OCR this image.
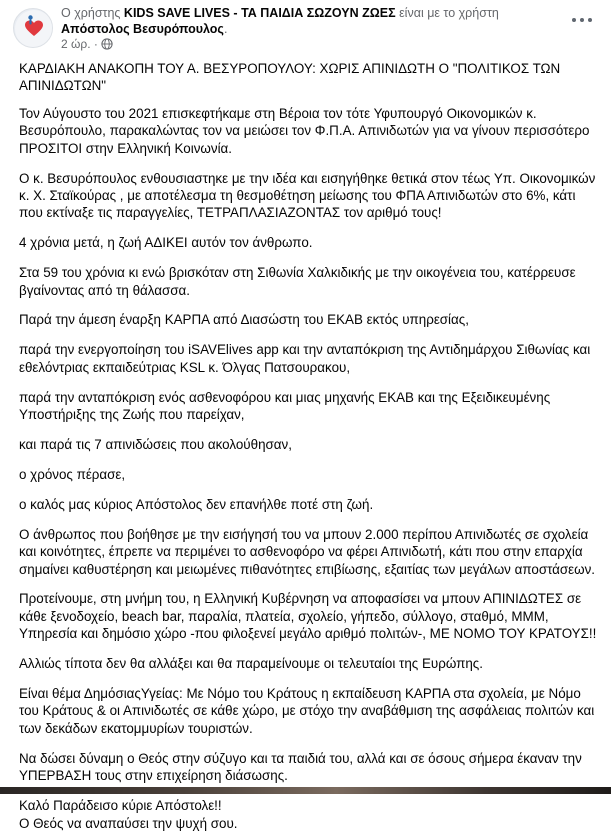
Ο χρήστης KIDS SAVE LIVES - ΤΑ ΠΑΙΔΙΑ ΣΩΖΟΥΝ ΖΩΕΣ είναι με το χρήστη Απόστολος Βεσυρόπουλος.
2 ώρ. ·

ΚΑΡΔΙΑΚΗ ΑΝΑΚΟΠΗ ΤΟΥ Α. ΒΕΣΥΡΟΠΟΥΛΟΥ: ΧΩΡΙΣ ΑΠΙΝΙΔΩΤΗ Ο "ΠΟΛΙΤΙΚΟΣ ΤΩΝ ΑΠΙΝΙΔΩΤΩΝ"

Τον Αύγουστο του 2021 επισκεφτήκαμε στη Βέροια τον τότε Υφυπουργό Οικονομικών κ. Βεσυρόπουλο, παρακαλώντας τον να μειώσει τον Φ.Π.Α. Απινιδωτών για να γίνουν περισσότερο ΠΡΟΣΙΤΟΙ στην Ελληνική Κοινωνία.

Ο κ. Βεσυρόπουλος ενθουσιαστηκε με την ιδέα και εισηγήθηκε θετικά στον τέως Υπ. Οικονομικών κ. Χ. Σταϊκούρας , με αποτέλεσμα τη θεσμοθέτηση μείωσης του ΦΠΑ Απινιδωτών στο 6%, κάτι που εκτίναξε τις παραγγελίες, ΤΕΤΡΑΠΛΑΣΙΑΖΟΝΤΑΣ τον αριθμό τους!

4 χρόνια μετά, η ζωή ΑΔΙΚΕΙ αυτόν τον άνθρωπο.

Στα 59 του χρόνια κι ενώ βρισκόταν στη Σιθωνία Χαλκιδικής με την οικογένεια του, κατέρρευσε βγαίνοντας από τη θάλασσα.

Παρά την άμεση έναρξη ΚΑΡΠΑ από Διασώστη του ΕΚΑΒ εκτός υπηρεσίας,

παρά την ενεργοποίηση του iSAVElives app και την ανταπόκριση της Αντιδημάρχου Σιθωνίας και εθελόντριας εκπαιδεύτριας KSL κ. Όλγας Πατσουρακου,

παρά την ανταπόκριση ενός ασθενοφόρου και μιας μηχανής ΕΚΑΒ και της Εξειδικευμένης Υποστήριξης της Ζωής που παρείχαν,

και παρά τις 7 απινιδώσεις που ακολούθησαν,

ο χρόνος πέρασε,

ο καλός μας κύριος Απόστολος δεν επανήλθε ποτέ στη ζωή.

Ο άνθρωπος που βοήθησε με την εισήγησή του να μπουν 2.000 περίπου Απινιδωτές σε σχολεία και κοινότητες, έπρεπε να περιμένει το ασθενοφόρο να φέρει Απινιδωτή, κάτι που στην επαρχία σημαίνει καθυστέρηση και μειωμένες πιθανότητες επιβίωσης, εξαιτίας των μεγάλων αποστάσεων.

Προτείνουμε, στη μνήμη του, η Ελληνική Κυβέρνηση να αποφασίσει να μπουν ΑΠΙΝΙΔΩΤΕΣ σε κάθε ξενοδοχείο, beach bar, παραλία, πλατεία, σχολείο, γήπεδο, σύλλογο, σταθμό, ΜΜΜ, Υπηρεσία και δημόσιο χώρο -που φιλοξενεί μεγάλο αριθμό πολιτών-, ΜΕ ΝΟΜΟ ΤΟΥ ΚΡΑΤΟΥΣ!!

Αλλιώς τίποτα δεν θα αλλάξει και θα παραμείνουμε οι τελευταίοι της Ευρώπης.

Είναι θέμα ΔημόσιαςΥγείας: Με Νόμο του Κράτους η εκπαίδευση ΚΑΡΠΑ στα σχολεία, με Νόμο του Κράτους & οι Απινιδωτές σε κάθε χώρο, με στόχο την αναβάθμιση της ασφάλειας πολιτών και των δεκάδων εκατομμυρίων τουριστών.

Να δώσει δύναμη ο Θεός στην σύζυγο και τα παιδιά του, αλλά και σε όσους σήμερα έκαναν την ΥΠΕΡΒΑΣΗ τους στην επιχείρηση διάσωσης.

Καλό Παράδεισο κύριε Απόστολε!!

Ο Θεός να αναπαύσει την ψυχή σου.
